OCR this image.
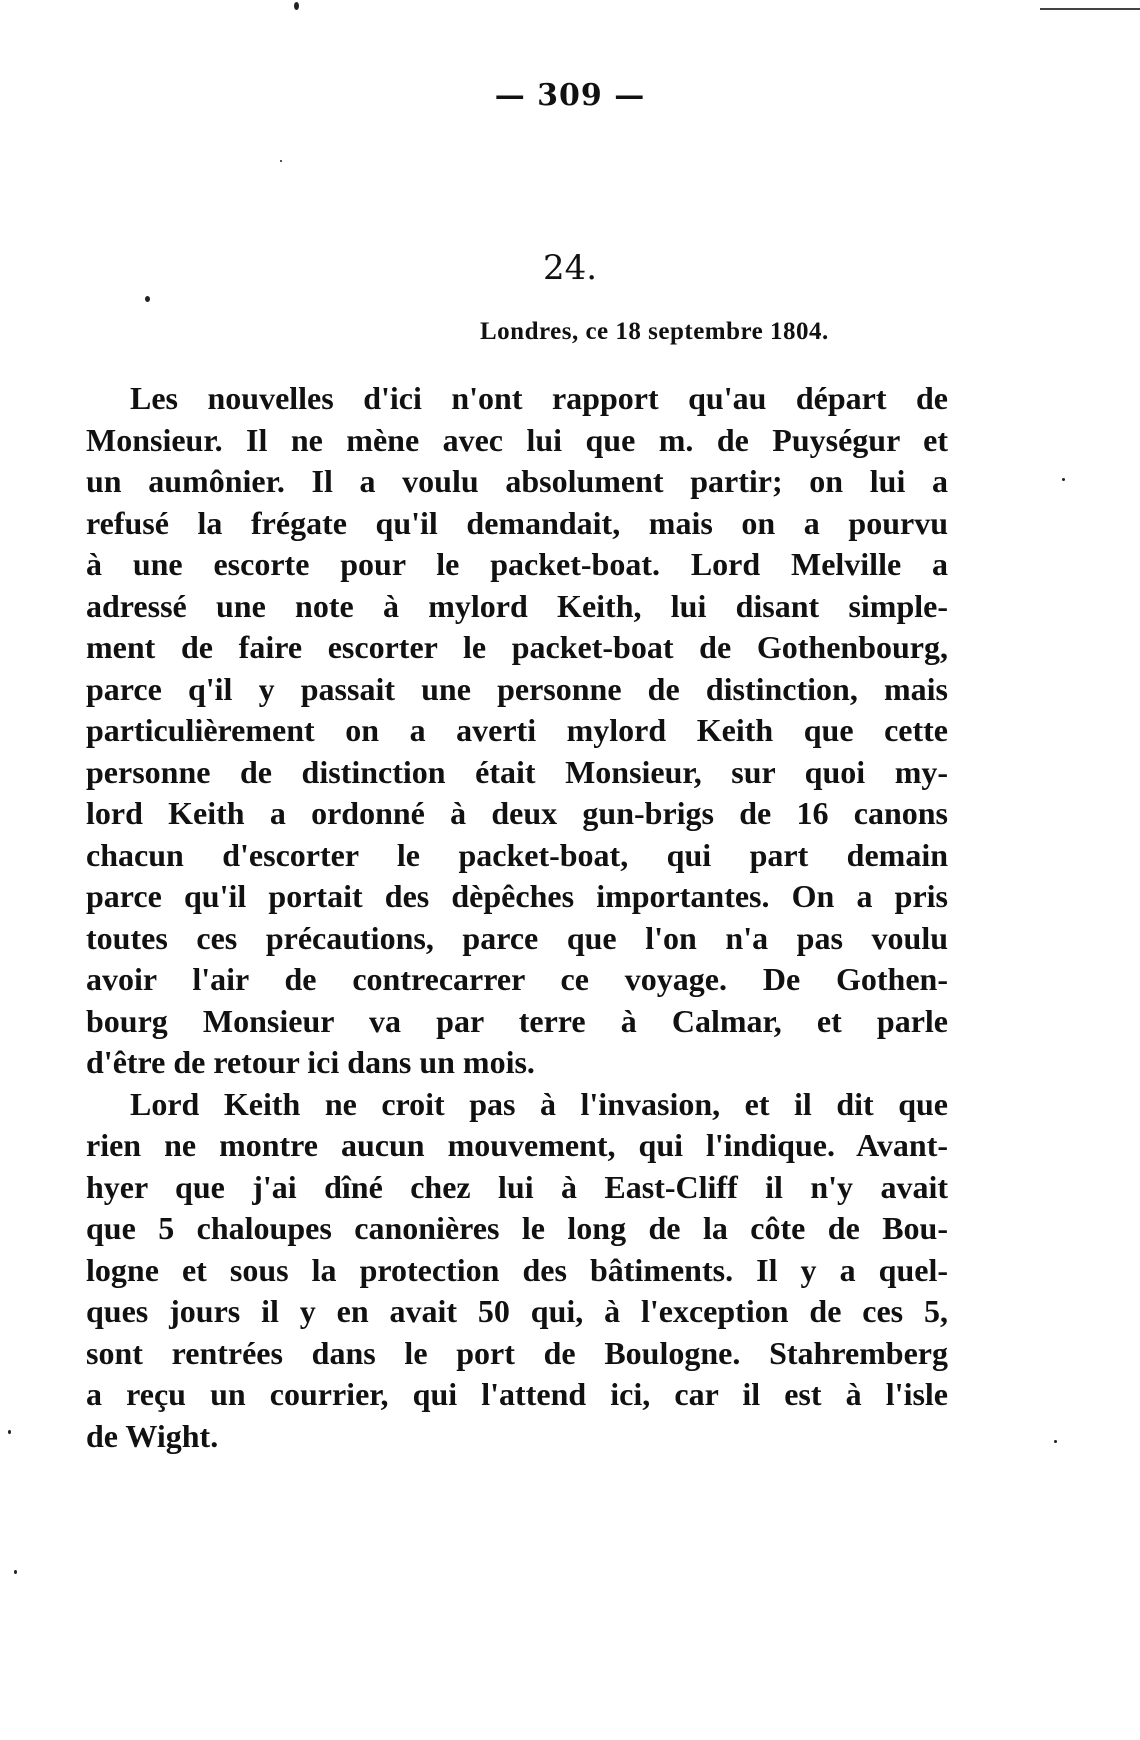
— 309 —
24.
Londres, ce 18 septembre 1804.
Les nouvelles d'ici n'ont rapport qu'au départ de
Monsieur. Il ne mène avec lui que m. de Puységur et
un aumônier. Il a voulu absolument partir; on lui a
refusé la frégate qu'il demandait, mais on a pourvu
à une escorte pour le packet-boat. Lord Melville a
adressé une note à mylord Keith, lui disant simple-
ment de faire escorter le packet-boat de Gothenbourg,
parce q'il y passait une personne de distinction, mais
particulièrement on a averti mylord Keith que cette
personne de distinction était Monsieur, sur quoi my-
lord Keith a ordonné à deux gun-brigs de 16 canons
chacun d'escorter le packet-boat, qui part demain
parce qu'il portait des dèpêches importantes. On a pris
toutes ces précautions, parce que l'on n'a pas voulu
avoir l'air de contrecarrer ce voyage. De Gothen-
bourg Monsieur va par terre à Calmar, et parle
d'être de retour ici dans un mois.
Lord Keith ne croit pas à l'invasion, et il dit que
rien ne montre aucun mouvement, qui l'indique. Avant-
hyer que j'ai dîné chez lui à East-Cliff il n'y avait
que 5 chaloupes canonières le long de la côte de Bou-
logne et sous la protection des bâtiments. Il y a quel-
ques jours il y en avait 50 qui, à l'exception de ces 5,
sont rentrées dans le port de Boulogne. Stahremberg
a reçu un courrier, qui l'attend ici, car il est à l'isle
de Wight.
